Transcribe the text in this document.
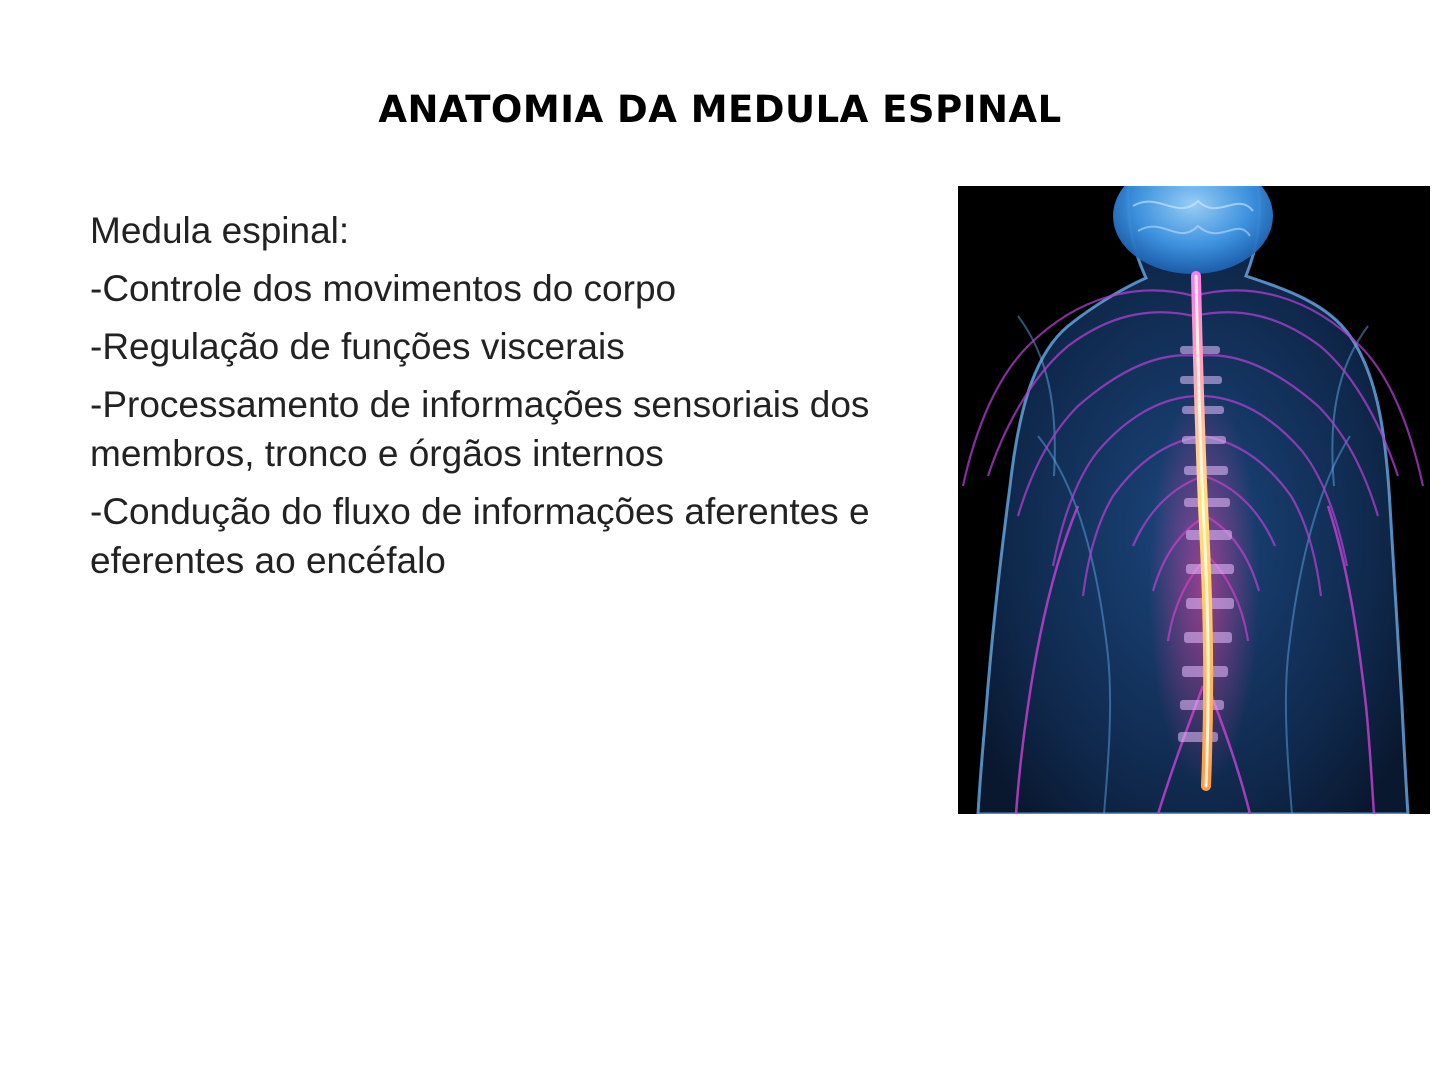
ANATOMIA DA MEDULA ESPINAL

Medula espinal:

-Controle dos movimentos do corpo

-Regulação de funções viscerais

-Processamento de informações sensoriais dos membros, tronco e órgãos internos

-Condução do fluxo de informações aferentes e eferentes ao encéfalo
